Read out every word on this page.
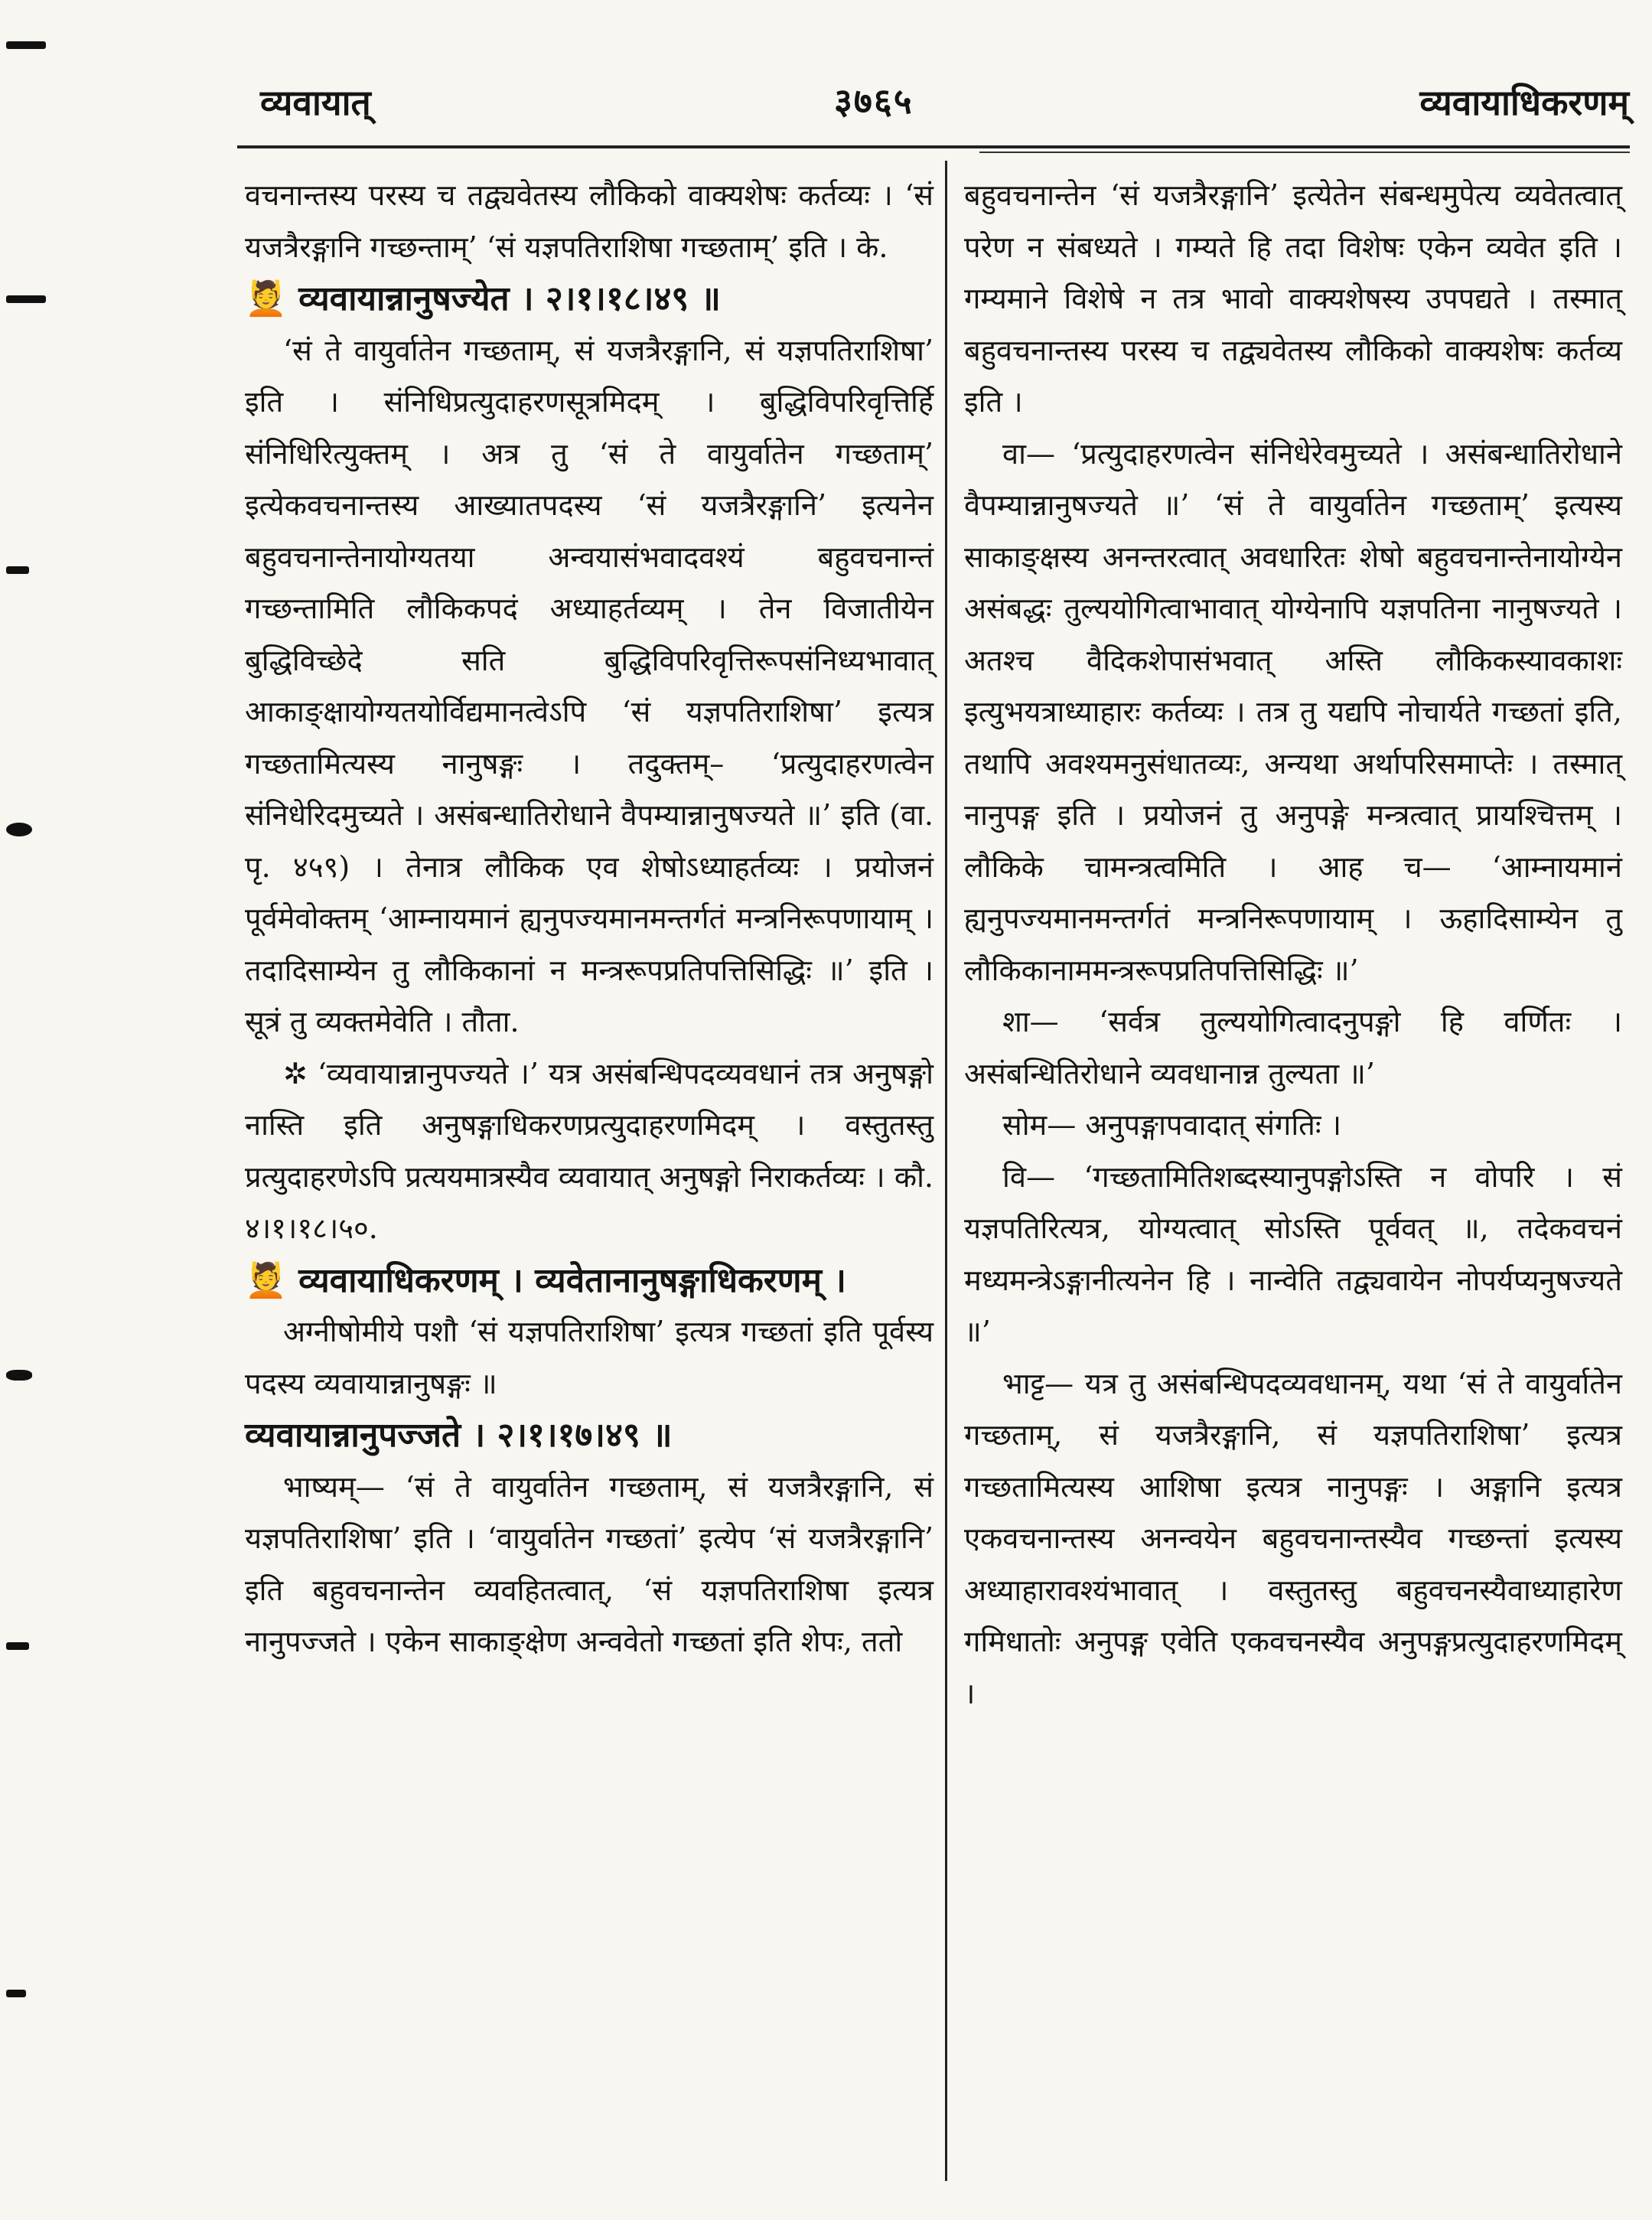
व्यवायात्	३७६५	व्यवायाधिकरणम्

वचनान्तस्य परस्य च तद्व्यवेतस्य लौकिको वाक्यशेषः कर्तव्यः । ‘सं यजत्रैरङ्गानि गच्छन्ताम्’ ‘सं यज्ञपतिराशिषा गच्छताम्’ इति । के.

💆 व्यवायान्नानुषज्येत । २।१।१८।४९ ॥

‘सं ते वायुर्वातेन गच्छताम्, सं यजत्रैरङ्गानि, सं यज्ञपतिराशिषा’ इति । संनिधिप्रत्युदाहरणसूत्रमिदम् । बुद्धिविपरिवृत्तिर्हि संनिधिरित्युक्तम् । अत्र तु ‘सं ते वायुर्वातेन गच्छताम्’ इत्येकवचनान्तस्य आख्यातपदस्य ‘सं यजत्रैरङ्गानि’ इत्यनेन बहुवचनान्तेनायोग्यतया अन्वयासंभवादवश्यं बहुवचनान्तं गच्छन्तामिति लौकिकपदं अध्याहर्तव्यम् । तेन विजातीयेन बुद्धिविच्छेदे सति बुद्धिविपरिवृत्तिरूपसंनिध्यभावात् आकाङ्क्षायोग्यतयोर्विद्यमानत्वेऽपि ‘सं यज्ञपतिराशिषा’ इत्यत्र गच्छतामित्यस्य नानुषङ्गः । तदुक्तम्– ‘प्रत्युदाहरणत्वेन संनिधेरिदमुच्यते । असंबन्धातिरोधाने वैपम्यान्नानुषज्यते ॥’ इति (वा. पृ. ४५९) । तेनात्र लौकिक एव शेषोऽध्याहर्तव्यः । प्रयोजनं पूर्वमेवोक्तम् ‘आम्नायमानं ह्यनुपज्यमानमन्तर्गतं मन्त्रनिरूपणायाम् । तदादिसाम्येन तु लौकिकानां न मन्त्ररूपप्रतिपत्तिसिद्धिः ॥’ इति । सूत्रं तु व्यक्तमेवेति । तौता.

✲ ‘व्यवायान्नानुपज्यते ।’ यत्र असंबन्धिपदव्यवधानं तत्र अनुषङ्गो नास्ति इति अनुषङ्गाधिकरणप्रत्युदाहरणमिदम् । वस्तुतस्तु प्रत्युदाहरणेऽपि प्रत्ययमात्रस्यैव व्यवायात् अनुषङ्गो निराकर्तव्यः । कौ. ४।१।१८।५०.

💆 व्यवायाधिकरणम् । व्यवेतानानुषङ्गाधिकरणम् ।

अग्नीषोमीये पशौ ‘सं यज्ञपतिराशिषा’ इत्यत्र गच्छतां इति पूर्वस्य पदस्य व्यवायान्नानुषङ्गः ॥

व्यवायान्नानुपज्जते । २।१।१७।४९ ॥

भाष्यम्— ‘सं ते वायुर्वातेन गच्छताम्, सं यजत्रैरङ्गानि, सं यज्ञपतिराशिषा’ इति । ‘वायुर्वातेन गच्छतां’ इत्येप ‘सं यजत्रैरङ्गानि’ इति बहुवचनान्तेन व्यवहितत्वात्, ‘सं यज्ञपतिराशिषा इत्यत्र नानुपज्जते । एकेन साकाङ्क्षेण अन्ववेतो गच्छतां इति शेपः, ततो

बहुवचनान्तेन ‘सं यजत्रैरङ्गानि’ इत्येतेन संबन्धमुपेत्य व्यवेतत्वात् परेण न संबध्यते । गम्यते हि तदा विशेषः एकेन व्यवेत इति । गम्यमाने विशेषे न तत्र भावो वाक्यशेषस्य उपपद्यते । तस्मात् बहुवचनान्तस्य परस्य च तद्व्यवेतस्य लौकिको वाक्यशेषः कर्तव्य इति ।

वा— ‘प्रत्युदाहरणत्वेन संनिधेरेवमुच्यते । असंबन्धातिरोधाने वैपम्यान्नानुषज्यते ॥’ ‘सं ते वायुर्वातेन गच्छताम्’ इत्यस्य साकाङ्क्षस्य अनन्तरत्वात् अवधारितः शेषो बहुवचनान्तेनायोग्येन असंबद्धः तुल्ययोगित्वाभावात् योग्येनापि यज्ञपतिना नानुषज्यते । अतश्च वैदिकशेपासंभवात् अस्ति लौकिकस्यावकाशः इत्युभयत्राध्याहारः कर्तव्यः । तत्र तु यद्यपि नोचार्यते गच्छतां इति, तथापि अवश्यमनुसंधातव्यः, अन्यथा अर्थापरिसमाप्तेः । तस्मात् नानुपङ्ग इति । प्रयोजनं तु अनुपङ्गे मन्त्रत्वात् प्रायश्चित्तम् । लौकिके चामन्त्रत्वमिति । आह च— ‘आम्नायमानं ह्यनुपज्यमानमन्तर्गतं मन्त्रनिरूपणायाम् । ऊहादिसाम्येन तु लौकिकानाममन्त्ररूपप्रतिपत्तिसिद्धिः ॥’

शा— ‘सर्वत्र तुल्ययोगित्वादनुपङ्गो हि वर्णितः । असंबन्धितिरोधाने व्यवधानान्न तुल्यता ॥’

सोम— अनुपङ्गापवादात् संगतिः ।

वि— ‘गच्छतामितिशब्दस्यानुपङ्गोऽस्ति न वोपरि । सं यज्ञपतिरित्यत्र, योग्यत्वात् सोऽस्ति पूर्ववत् ॥, तदेकवचनं मध्यमन्त्रेऽङ्गानीत्यनेन हि । नान्वेति तद्व्यवायेन नोपर्यप्यनुषज्यते ॥’

भाट्ट— यत्र तु असंबन्धिपदव्यवधानम्, यथा ‘सं ते वायुर्वातेन गच्छताम्, सं यजत्रैरङ्गानि, सं यज्ञपतिराशिषा’ इत्यत्र गच्छतामित्यस्य आशिषा इत्यत्र नानुपङ्गः । अङ्गानि इत्यत्र एकवचनान्तस्य अनन्वयेन बहुवचनान्तस्यैव गच्छन्तां इत्यस्य अध्याहारावश्यंभावात् । वस्तुतस्तु बहुवचनस्यैवाध्याहारेण गमिधातोः अनुपङ्ग एवेति एकवचनस्यैव अनुपङ्गप्रत्युदाहरणमिदम् ।
